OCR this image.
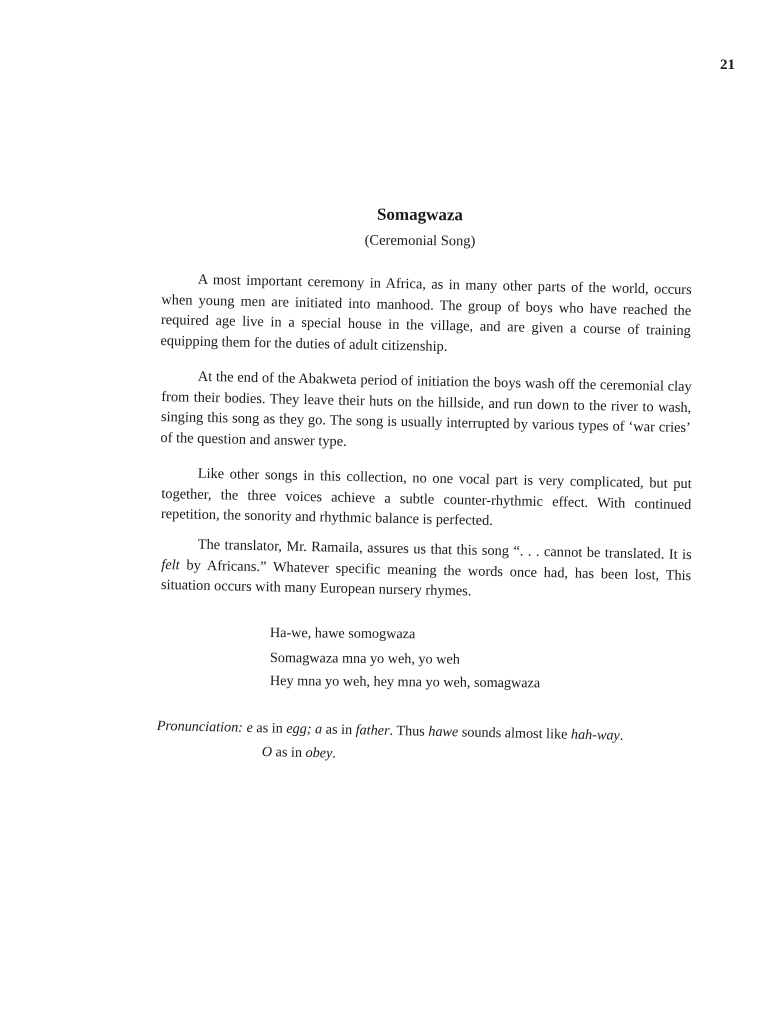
21
Somagwaza
(Ceremonial Song)

A most important ceremony in Africa, as in many other parts of the world, occurs when young men are initiated into manhood. The group of boys who have reached the required age live in a special house in the village, and are given a course of training equipping them for the duties of adult citizenship.

At the end of the Abakweta period of initiation the boys wash off the ceremonial clay from their bodies. They leave their huts on the hillside, and run down to the river to wash, singing this song as they go. The song is usually interrupted by various types of ‘war cries’ of the question and answer type.

Like other songs in this collection, no one vocal part is very complicated, but put together, the three voices achieve a subtle counter-rhythmic effect. With continued repetition, the sonority and rhythmic balance is perfected.

The translator, Mr. Ramaila, assures us that this song “. . . cannot be translated. It is felt by Africans.” Whatever specific meaning the words once had, has been lost, This situation occurs with many European nursery rhymes.

Ha-we, hawe somogwaza

Somagwaza mna yo weh, yo weh

Hey mna yo weh, hey mna yo weh, somagwaza

Pronunciation: e as in egg; a as in father. Thus hawe sounds almost like hah-way.

O as in obey.
